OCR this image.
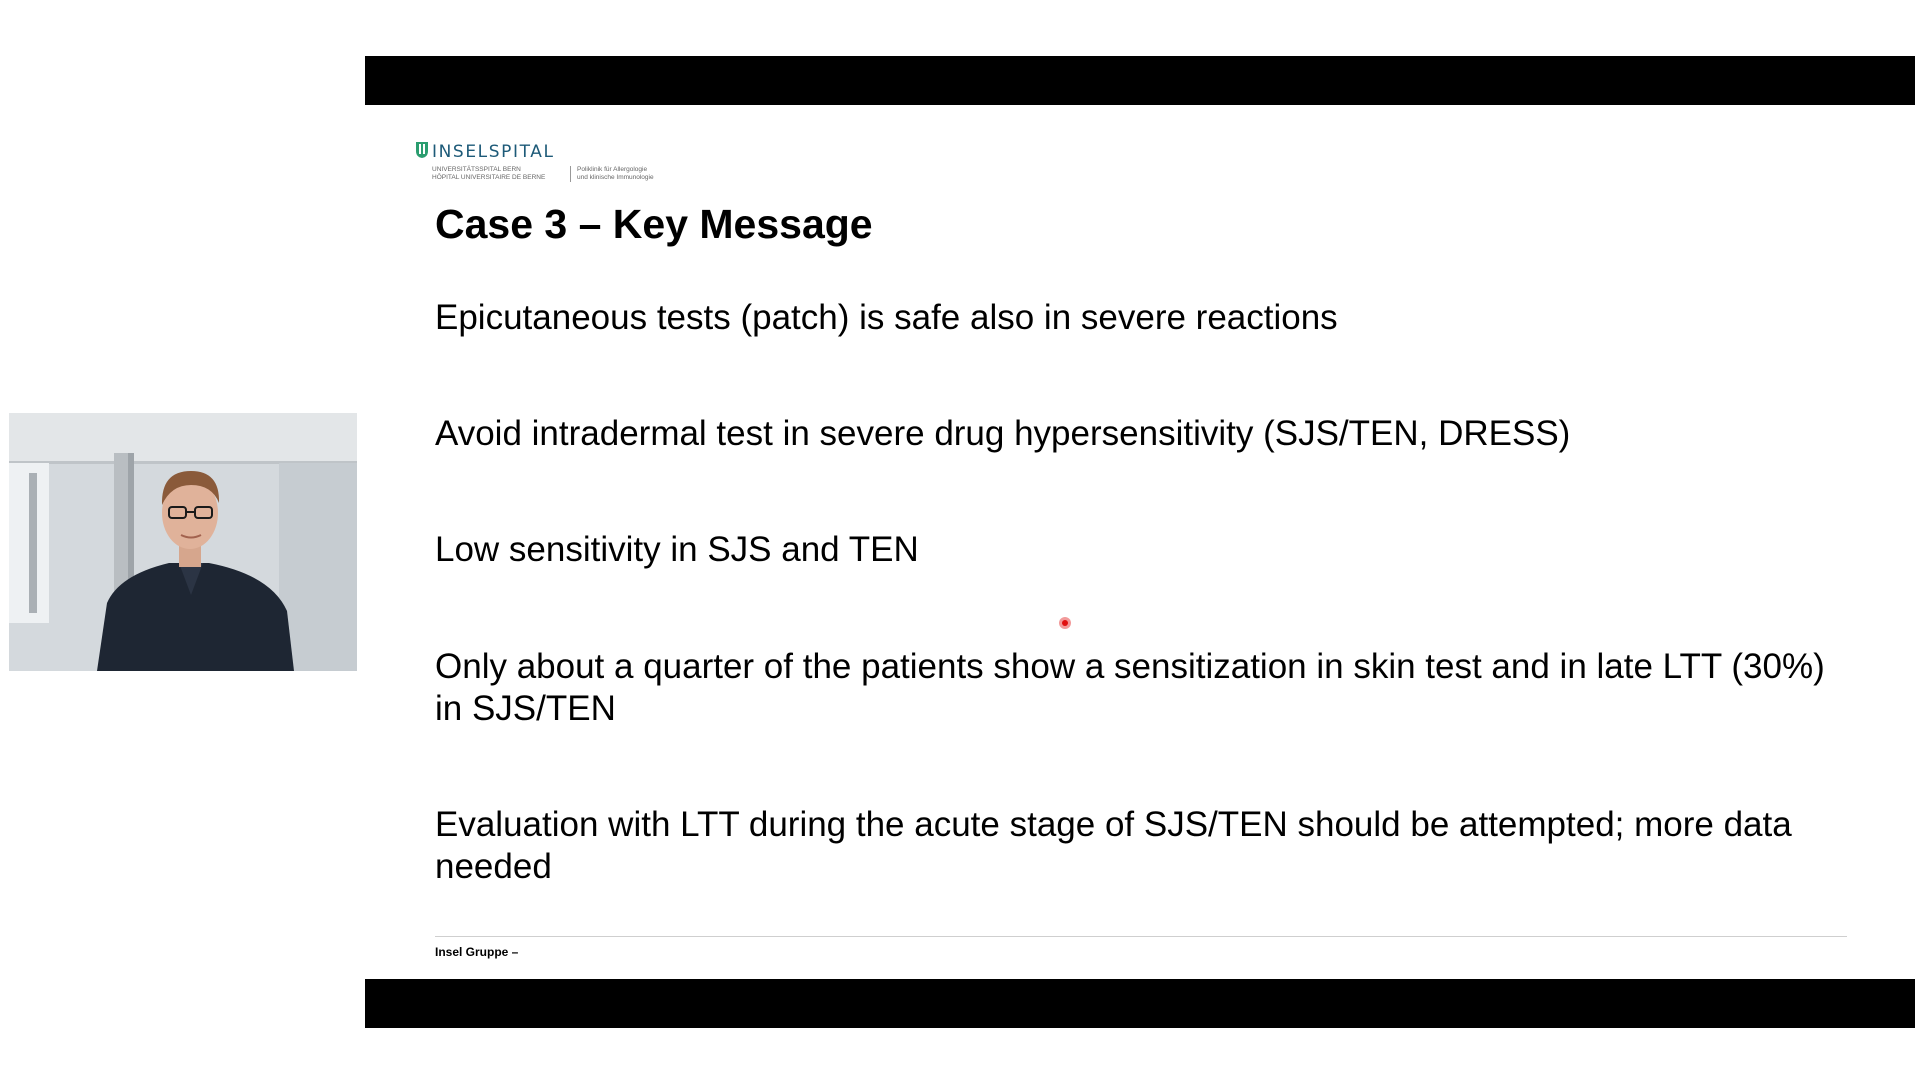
INSELSPITAL
UNIVERSITÄTSSPITAL BERN
HÔPITAL UNIVERSITAIRE DE BERNE
Poliklinik für Allergologie
und klinische Immunologie
Case 3 – Key Message
Epicutaneous tests (patch) is safe also in severe reactions
Avoid intradermal test in severe drug hypersensitivity (SJS/TEN, DRESS)
Low sensitivity in SJS and TEN
Only about a quarter of the patients show a sensitization in skin test and in late LTT (30%) in SJS/TEN
Evaluation with LTT during the acute stage of SJS/TEN should be attempted; more data needed
Insel Gruppe –
